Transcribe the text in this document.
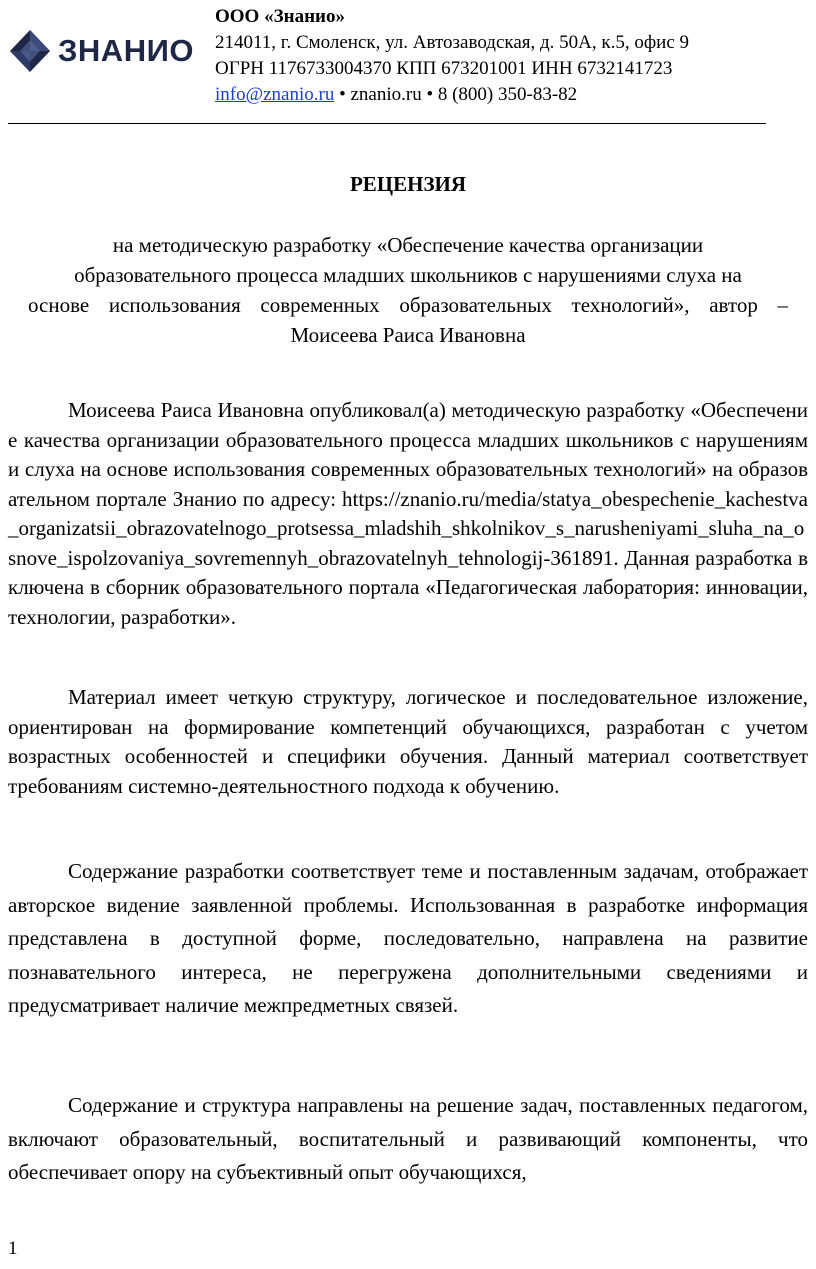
ЗНАНИО
ООО «Знанио»
214011, г. Смоленск, ул. Автозаводская, д. 50А, к.5, офис 9
ОГРН 1176733004370 КПП 673201001 ИНН 6732141723
info@znanio.ru • znanio.ru • 8 (800) 350-83-82
РЕЦЕНЗИЯ
на методическую разработку «Обеспечение качества организации
образовательного процесса младших школьников с нарушениями слуха на
основе использования современных образовательных технологий», автор –
Моисеева Раиса Ивановна
Моисеева Раиса Ивановна опубликовал(а) методическую разработку «Обеспечение качества организации образовательного процесса младших школьников с нарушениями слуха на основе использования современных образовательных технологий» на образовательном портале Знанио по адресу: https://znanio.ru/media/statya_obespechenie_kachestva_organizatsii_obrazovatelnogo_protsessa_mladshih_shkolnikov_s_narusheniyami_sluha_na_osnove_ispolzovaniya_sovremennyh_obrazovatelnyh_tehnologij-361891. Данная разработка включена в сборник образовательного портала «Педагогическая лаборатория: инновации, технологии, разработки».
Материал имеет четкую структуру, логическое и последовательное изложение, ориентирован на формирование компетенций обучающихся, разработан с учетом возрастных особенностей и специфики обучения. Данный материал соответствует требованиям системно-деятельностного подхода к обучению.
Содержание разработки соответствует теме и поставленным задачам, отображает авторское видение заявленной проблемы. Использованная в разработке информация представлена в доступной форме, последовательно, направлена на развитие познавательного интереса, не перегружена дополнительными сведениями и предусматривает наличие межпредметных связей.
Содержание и структура направлены на решение задач, поставленных педагогом, включают образовательный, воспитательный и развивающий компоненты, что обеспечивает опору на субъективный опыт обучающихся,
1
